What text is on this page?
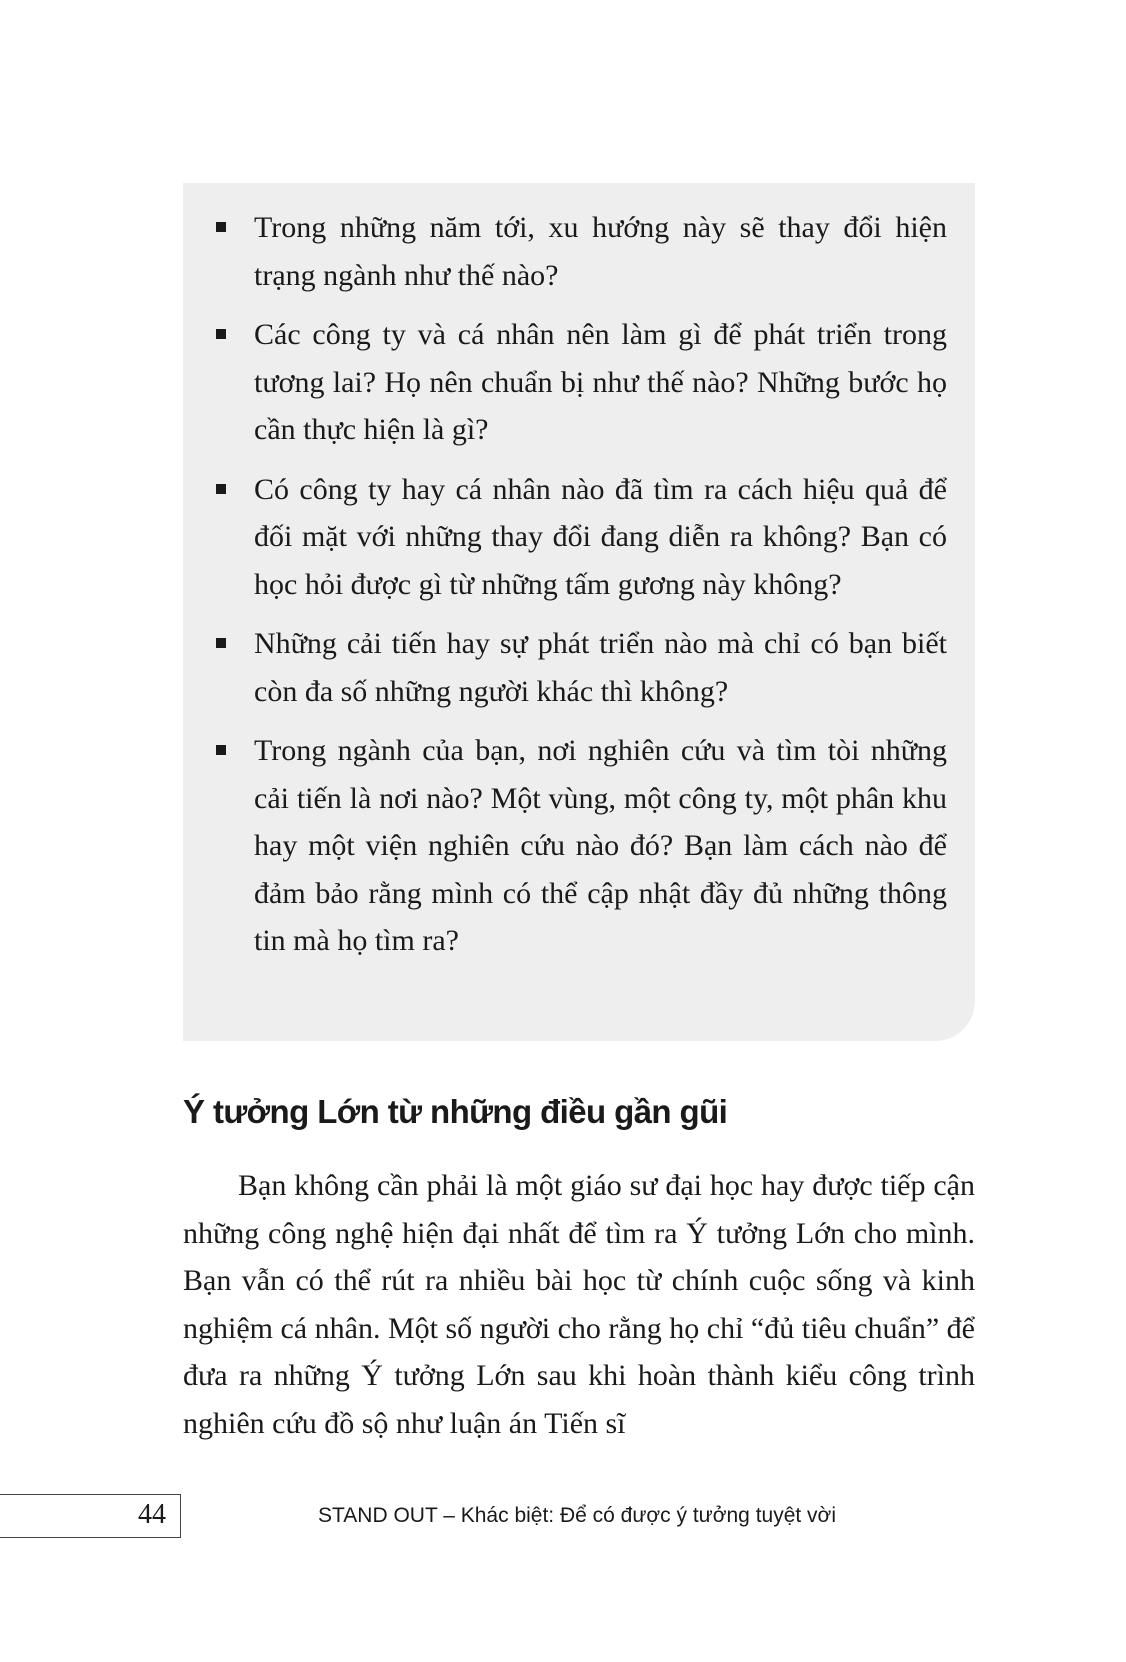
Trong những năm tới, xu hướng này sẽ thay đổi hiện trạng ngành như thế nào?
Các công ty và cá nhân nên làm gì để phát triển trong tương lai? Họ nên chuẩn bị như thế nào? Những bước họ cần thực hiện là gì?
Có công ty hay cá nhân nào đã tìm ra cách hiệu quả để đối mặt với những thay đổi đang diễn ra không? Bạn có học hỏi được gì từ những tấm gương này không?
Những cải tiến hay sự phát triển nào mà chỉ có bạn biết còn đa số những người khác thì không?
Trong ngành của bạn, nơi nghiên cứu và tìm tòi những cải tiến là nơi nào? Một vùng, một công ty, một phân khu hay một viện nghiên cứu nào đó? Bạn làm cách nào để đảm bảo rằng mình có thể cập nhật đầy đủ những thông tin mà họ tìm ra?
Ý tưởng Lớn từ những điều gần gũi

Bạn không cần phải là một giáo sư đại học hay được tiếp cận những công nghệ hiện đại nhất để tìm ra Ý tưởng Lớn cho mình. Bạn vẫn có thể rút ra nhiều bài học từ chính cuộc sống và kinh nghiệm cá nhân. Một số người cho rằng họ chỉ “đủ tiêu chuẩn” để đưa ra những Ý tưởng Lớn sau khi hoàn thành kiểu công trình nghiên cứu đồ sộ như luận án Tiến sĩ

44	STAND OUT – Khác biệt: Để có được ý tưởng tuyệt vời
